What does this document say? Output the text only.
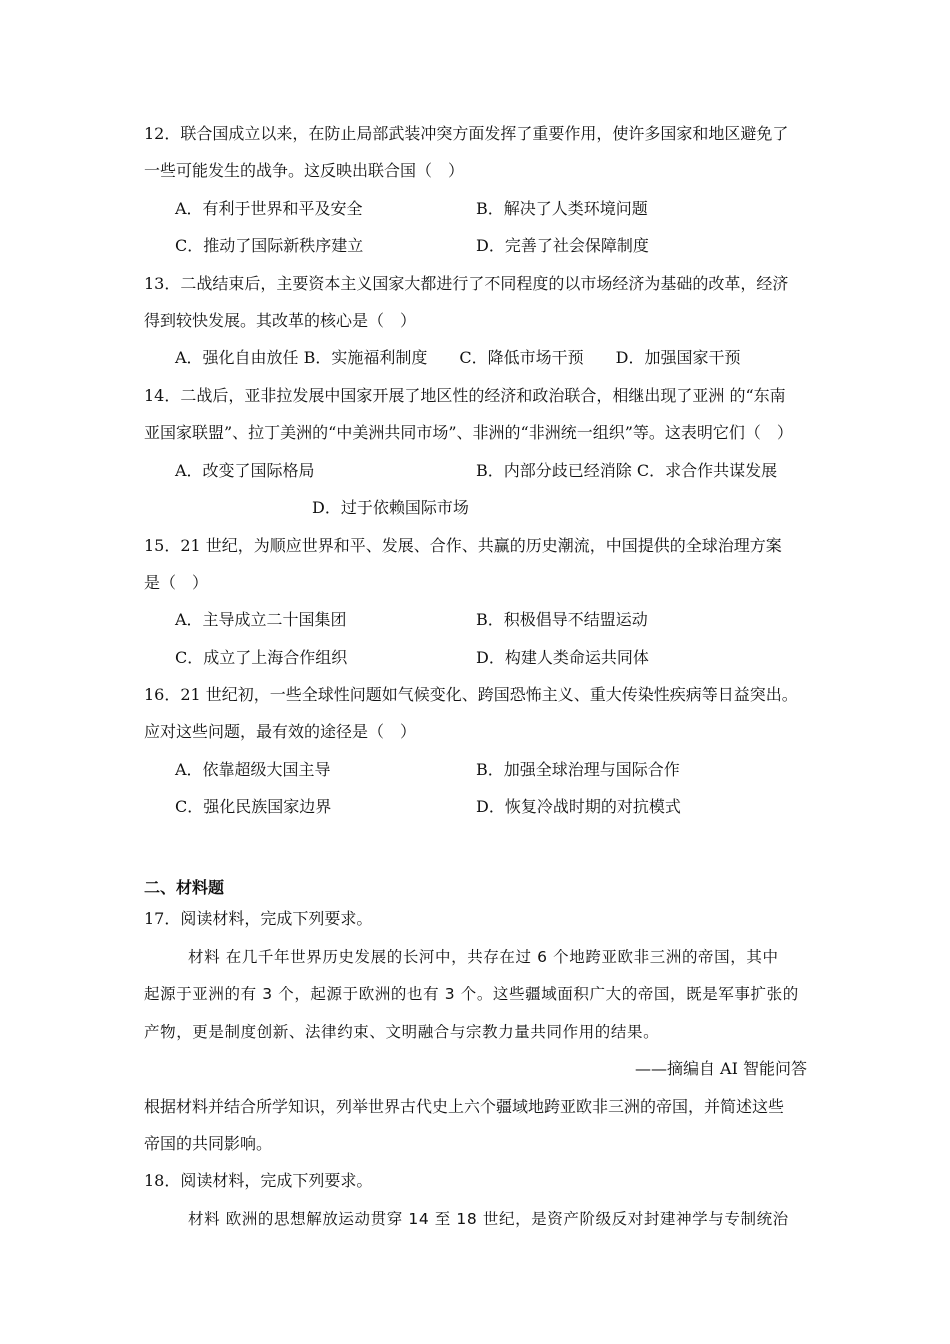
12．联合国成立以来，在防止局部武装冲突方面发挥了重要作用，使许多国家和地区避免了
一些可能发生的战争。这反映出联合国（　）
A．有利于世界和平及安全	B．解决了人类环境问题
C．推动了国际新秩序建立	D．完善了社会保障制度
13．二战结束后，主要资本主义国家大都进行了不同程度的以市场经济为基础的改革，经济
得到较快发展。其改革的核心是（　）
A．强化自由放任 B．实施福利制度　　C．降低市场干预　　D．加强国家干预
14．二战后，亚非拉发展中国家开展了地区性的经济和政治联合，相继出现了亚洲 的“东南
亚国家联盟”、拉丁美洲的“中美洲共同市场”、非洲的“非洲统一组织”等。这表明它们（　）
A．改变了国际格局	B．内部分歧已经消除 C．求合作共谋发展
D．过于依赖国际市场
15．21 世纪，为顺应世界和平、发展、合作、共赢的历史潮流，中国提供的全球治理方案
是（　）
A．主导成立二十国集团	B．积极倡导不结盟运动
C．成立了上海合作组织	D．构建人类命运共同体
16．21 世纪初，一些全球性问题如气候变化、跨国恐怖主义、重大传染性疾病等日益突出。
应对这些问题，最有效的途径是（　）
A．依靠超级大国主导	B．加强全球治理与国际合作
C．强化民族国家边界	D．恢复冷战时期的对抗模式
二、材料题
17．阅读材料，完成下列要求。
材料 在几千年世界历史发展的长河中，共存在过 6 个地跨亚欧非三洲的帝国，其中
起源于亚洲的有 3 个，起源于欧洲的也有 3 个。这些疆域面积广大的帝国，既是军事扩张的
产物，更是制度创新、法律约束、文明融合与宗教力量共同作用的结果。
——摘编自 AI 智能问答
根据材料并结合所学知识，列举世界古代史上六个疆域地跨亚欧非三洲的帝国，并简述这些
帝国的共同影响。
18．阅读材料，完成下列要求。
材料 欧洲的思想解放运动贯穿 14 至 18 世纪，是资产阶级反对封建神学与专制统治
